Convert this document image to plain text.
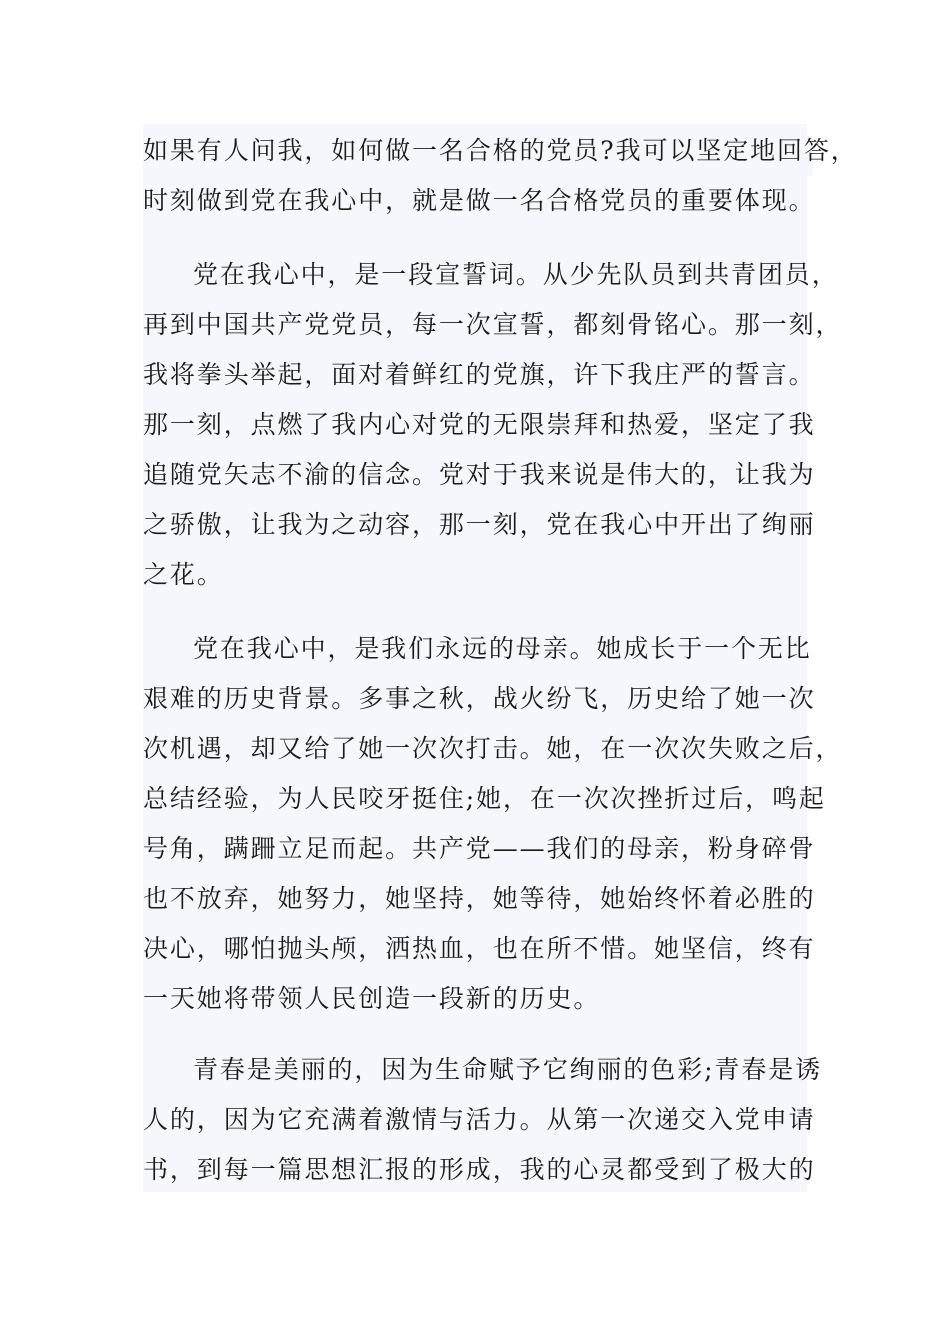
如果有人问我，如何做一名合格的党员?我可以坚定地回答，
时刻做到党在我心中，就是做一名合格党员的重要体现。
党在我心中，是一段宣誓词。从少先队员到共青团员，
再到中国共产党党员，每一次宣誓，都刻骨铭心。那一刻，
我将拳头举起，面对着鲜红的党旗，许下我庄严的誓言。
那一刻，点燃了我内心对党的无限崇拜和热爱，坚定了我
追随党矢志不渝的信念。党对于我来说是伟大的，让我为
之骄傲，让我为之动容，那一刻，党在我心中开出了绚丽
之花。
党在我心中，是我们永远的母亲。她成长于一个无比
艰难的历史背景。多事之秋，战火纷飞，历史给了她一次
次机遇，却又给了她一次次打击。她，在一次次失败之后，
总结经验，为人民咬牙挺住;她，在一次次挫折过后，鸣起
号角，蹒跚立足而起。共产党——我们的母亲，粉身碎骨
也不放弃，她努力，她坚持，她等待，她始终怀着必胜的
决心，哪怕抛头颅，洒热血，也在所不惜。她坚信，终有
一天她将带领人民创造一段新的历史。
青春是美丽的，因为生命赋予它绚丽的色彩;青春是诱
人的，因为它充满着激情与活力。从第一次递交入党申请
书，到每一篇思想汇报的形成，我的心灵都受到了极大的
